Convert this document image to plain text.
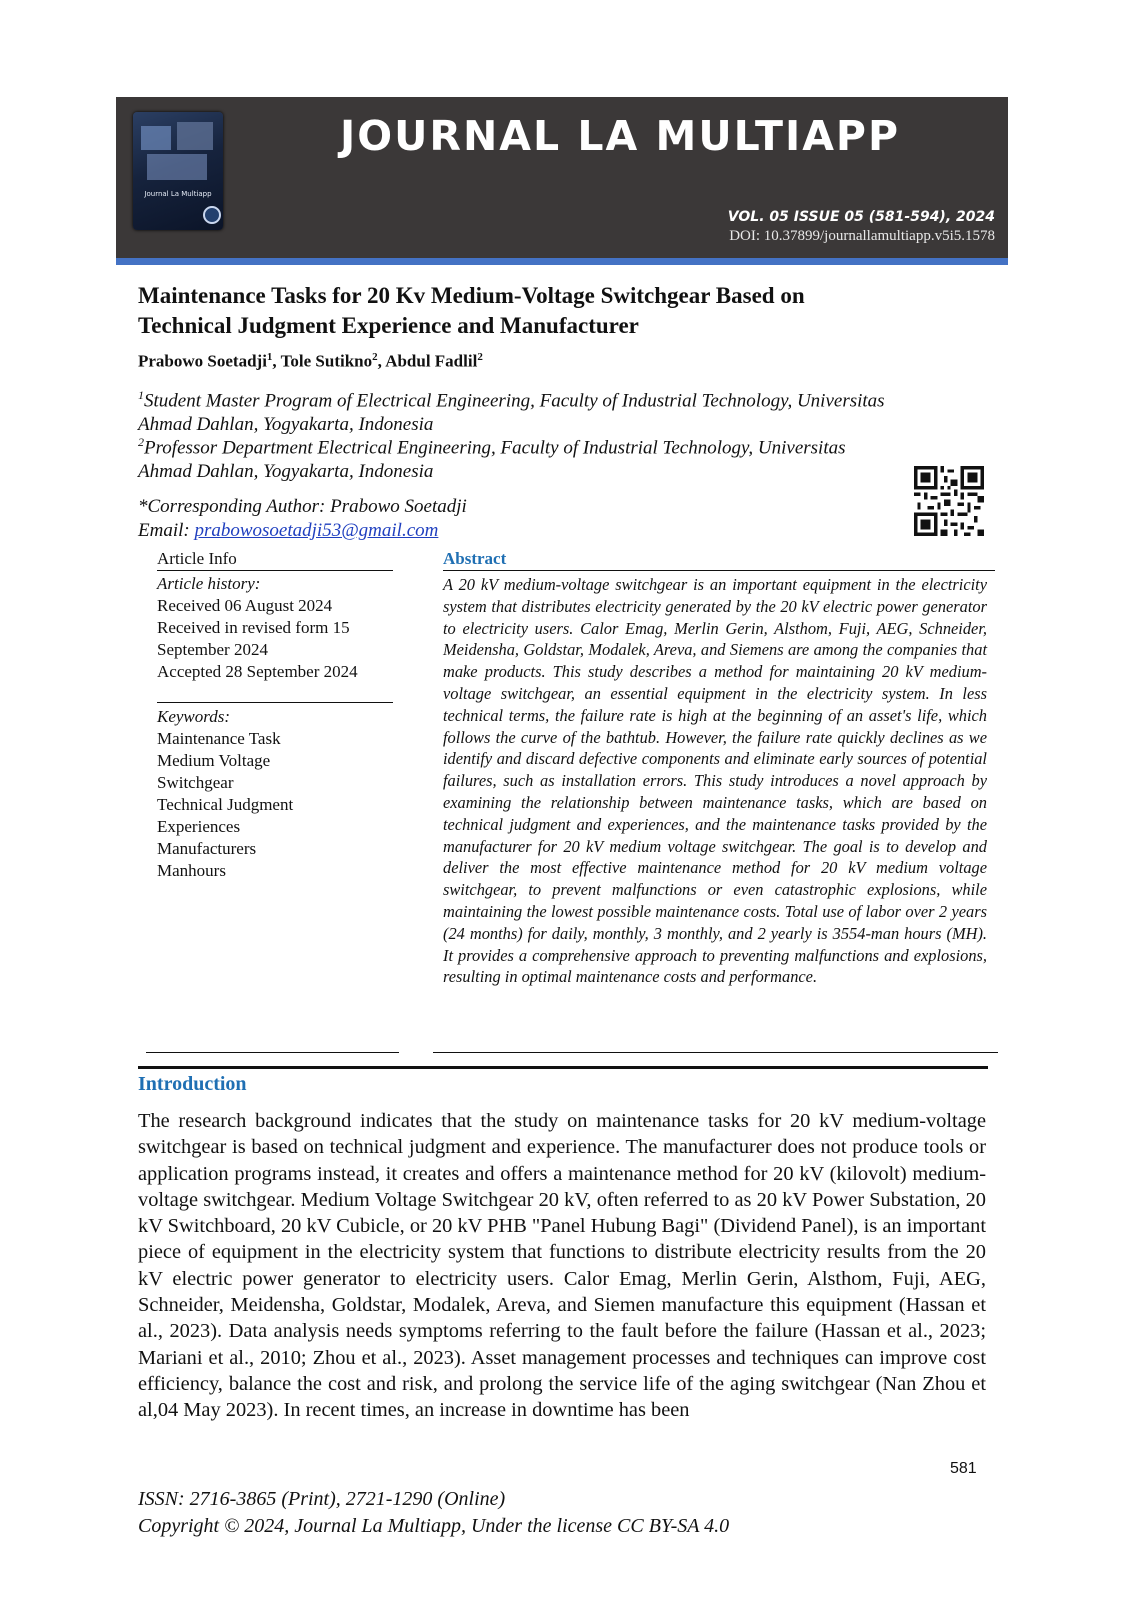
Journal La Multiapp
JOURNAL LA MULTIAPP
VOL. 05 ISSUE 05 (581-594), 2024
DOI: 10.37899/journallamultiapp.v5i5.1578
Maintenance Tasks for 20 Kv Medium-Voltage Switchgear Based on
Technical Judgment Experience and Manufacturer
Prabowo Soetadji$^1$, Tole Sutikno$^2$, Abdul Fadlil$^2$
$^1$Student Master Program of Electrical Engineering, Faculty of Industrial Technology, Universitas
Ahmad Dahlan, Yogyakarta, Indonesia
$^2$Professor Department Electrical Engineering, Faculty of Industrial Technology, Universitas
Ahmad Dahlan, Yogyakarta, Indonesia
*Corresponding Author: Prabowo Soetadji
Email: prabowosoetadji53@gmail.com
Article Info
Article history:
Received 06 August 2024
Received in revised form 15
September 2024
Accepted 28 September 2024
Keywords:
Maintenance Task
Medium Voltage
Switchgear
Technical Judgment
Experiences
Manufacturers
Manhours
Abstract
A 20 kV medium-voltage switchgear is an important equipment in the electricity system that distributes electricity generated by the 20 kV electric power generator to electricity users. Calor Emag, Merlin Gerin, Alsthom, Fuji, AEG, Schneider, Meidensha, Goldstar, Modalek, Areva, and Siemens are among the companies that make products. This study describes a method for maintaining 20 kV medium-voltage switchgear, an essential equipment in the electricity system. In less technical terms, the failure rate is high at the beginning of an asset's life, which follows the curve of the bathtub. However, the failure rate quickly declines as we identify and discard defective components and eliminate early sources of potential failures, such as installation errors. This study introduces a novel approach by examining the relationship between maintenance tasks, which are based on technical judgment and experiences, and the maintenance tasks provided by the manufacturer for 20 kV medium voltage switchgear. The goal is to develop and deliver the most effective maintenance method for 20 kV medium voltage switchgear, to prevent malfunctions or even catastrophic explosions, while maintaining the lowest possible maintenance costs. Total use of labor over 2 years (24 months) for daily, monthly, 3 monthly, and 2 yearly is 3554-man hours (MH). It provides a comprehensive approach to preventing malfunctions and explosions, resulting in optimal maintenance costs and performance.
Introduction
The research background indicates that the study on maintenance tasks for 20 kV medium-voltage switchgear is based on technical judgment and experience. The manufacturer does not produce tools or application programs instead, it creates and offers a maintenance method for 20 kV (kilovolt) medium-voltage switchgear. Medium Voltage Switchgear 20 kV, often referred to as 20 kV Power Substation, 20 kV Switchboard, 20 kV Cubicle, or 20 kV PHB "Panel Hubung Bagi" (Dividend Panel), is an important piece of equipment in the electricity system that functions to distribute electricity results from the 20 kV electric power generator to electricity users. Calor Emag, Merlin Gerin, Alsthom, Fuji, AEG, Schneider, Meidensha, Goldstar, Modalek, Areva, and Siemen manufacture this equipment (Hassan et al., 2023). Data analysis needs symptoms referring to the fault before the failure (Hassan et al., 2023; Mariani et al., 2010; Zhou et al., 2023). Asset management processes and techniques can improve cost efficiency, balance the cost and risk, and prolong the service life of the aging switchgear (Nan Zhou et al,04 May 2023). In recent times, an increase in downtime has been
581
ISSN: 2716-3865 (Print), 2721-1290 (Online)
Copyright © 2024, Journal La Multiapp, Under the license CC BY-SA 4.0
